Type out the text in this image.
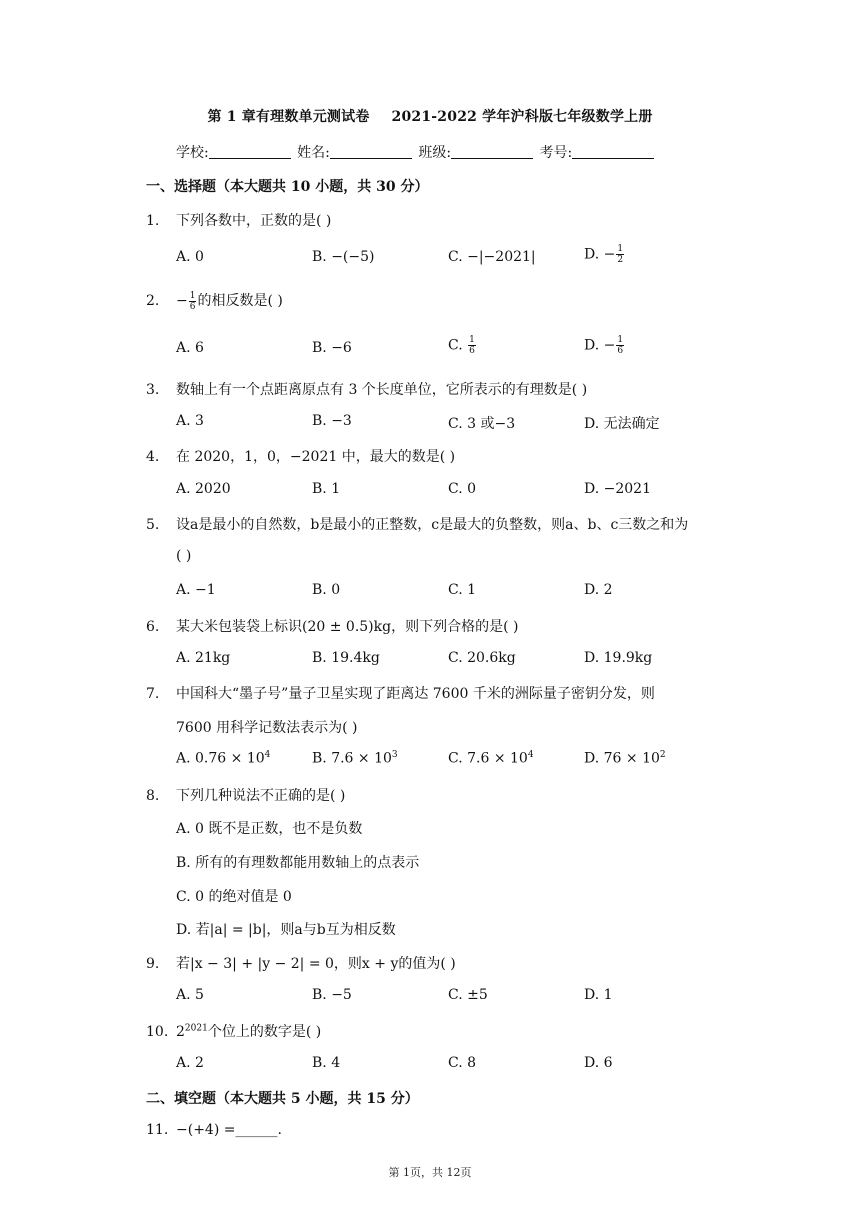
第 1 章有理数单元测试卷 2021-2022 学年沪科版七年级数学上册
学校:	姓名:	班级:	考号:
一、选择题（本大题共 10 小题，共 30 分）
1. 下列各数中，正数的是( )
A. 0	B. −(−5)	C. −|−2021|	D. − $\frac{1}{2}$
2. − $\frac{1}{6}$ 的相反数是( )
A. 6	B. −6	C. $\frac{1}{6}$	D. − $\frac{1}{6}$
3. 数轴上有一个点距离原点有 3 个长度单位，它所表示的有理数是( )
A. 3	B. −3	C. 3 或−3	D. 无法确定
4. 在 2020，1，0，−2021 中，最大的数是( )
A. 2020	B. 1	C. 0	D. −2021
5. 设a是最小的自然数，b是最小的正整数，c是最大的负整数，则a、b、c三数之和为
( )
A. −1	B. 0	C. 1	D. 2
6. 某大米包装袋上标识(20 ± 0.5)kg，则下列合格的是( )
A. 21kg	B. 19.4kg	C. 20.6kg	D. 19.9kg
7. 中国科大“墨子号”量子卫星实现了距离达 7600 千米的洲际量子密钥分发，则
7600 用科学记数法表示为( )
A. $0.76 \times 10^4$	B. $7.6 \times 10^3$	C. $7.6 \times 10^4$	D. $76 \times 10^2$
8. 下列几种说法不正确的是( )
A. 0 既不是正数，也不是负数
B. 所有的有理数都能用数轴上的点表示
C. 0 的绝对值是 0
D. 若|a| = |b|，则a与b互为相反数
9. 若|x − 3| + |y − 2| = 0，则x + y的值为( )
A. 5	B. −5	C. ±5	D. 1
10. $2^{2021}$个位上的数字是( )
A. 2	B. 4	C. 8	D. 6
二、填空题（本大题共 5 小题，共 15 分）
11. −(+4) =______.
第 1页，共 12页
